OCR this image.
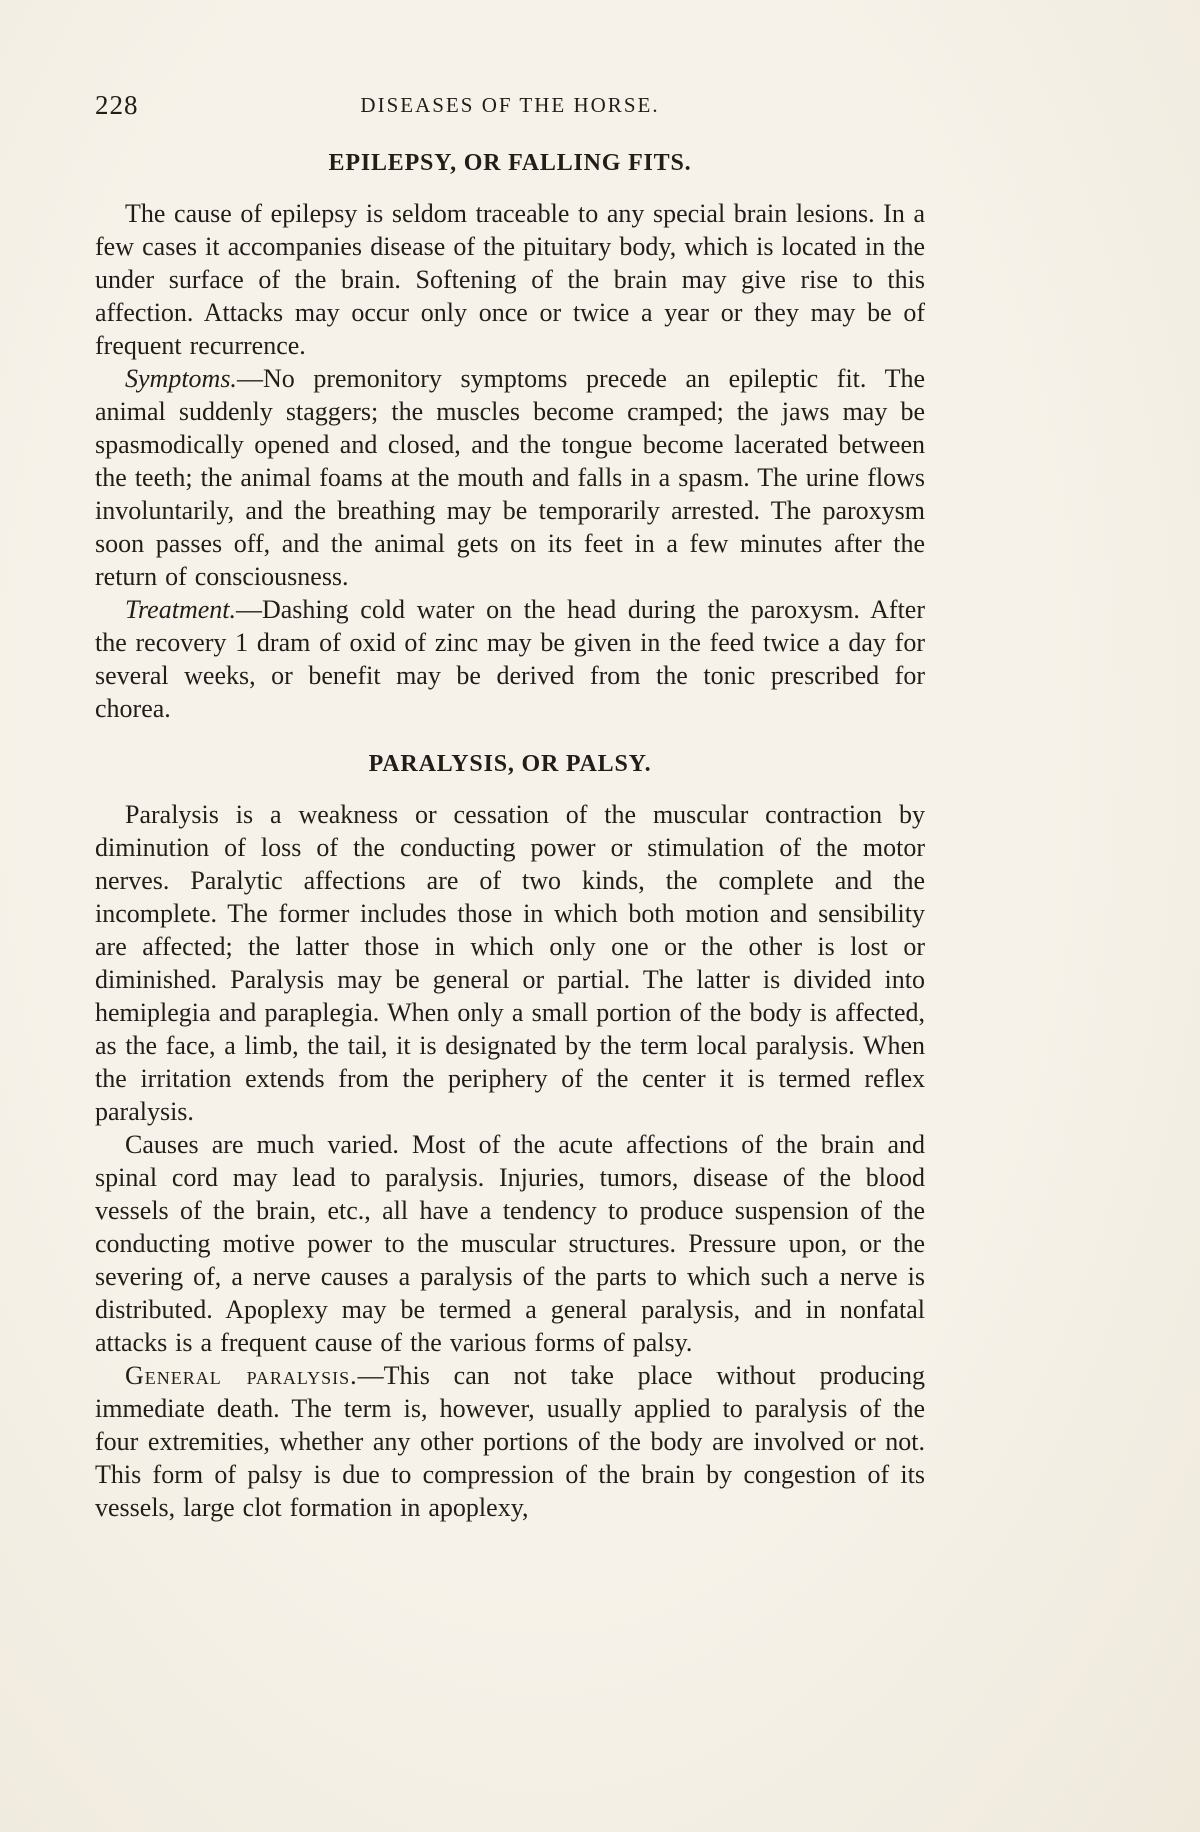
228	DISEASES OF THE HORSE.
EPILEPSY, OR FALLING FITS.

The cause of epilepsy is seldom traceable to any special brain lesions. In a few cases it accompanies disease of the pituitary body, which is located in the under surface of the brain. Softening of the brain may give rise to this affection. Attacks may occur only once or twice a year or they may be of frequent recurrence.

Symptoms.—No premonitory symptoms precede an epileptic fit. The animal suddenly staggers; the muscles become cramped; the jaws may be spasmodically opened and closed, and the tongue become lacerated between the teeth; the animal foams at the mouth and falls in a spasm. The urine flows involuntarily, and the breathing may be temporarily arrested. The paroxysm soon passes off, and the animal gets on its feet in a few minutes after the return of consciousness.

Treatment.—Dashing cold water on the head during the paroxysm. After the recovery 1 dram of oxid of zinc may be given in the feed twice a day for several weeks, or benefit may be derived from the tonic prescribed for chorea.

PARALYSIS, OR PALSY.

Paralysis is a weakness or cessation of the muscular contraction by diminution of loss of the conducting power or stimulation of the motor nerves. Paralytic affections are of two kinds, the complete and the incomplete. The former includes those in which both motion and sensibility are affected; the latter those in which only one or the other is lost or diminished. Paralysis may be general or partial. The latter is divided into hemiplegia and paraplegia. When only a small portion of the body is affected, as the face, a limb, the tail, it is designated by the term local paralysis. When the irritation extends from the periphery of the center it is termed reflex paralysis.

Causes are much varied. Most of the acute affections of the brain and spinal cord may lead to paralysis. Injuries, tumors, disease of the blood vessels of the brain, etc., all have a tendency to produce suspension of the conducting motive power to the muscular structures. Pressure upon, or the severing of, a nerve causes a paralysis of the parts to which such a nerve is distributed. Apoplexy may be termed a general paralysis, and in nonfatal attacks is a frequent cause of the various forms of palsy.

General paralysis.—This can not take place without producing immediate death. The term is, however, usually applied to paralysis of the four extremities, whether any other portions of the body are involved or not. This form of palsy is due to compression of the brain by congestion of its vessels, large clot formation in apoplexy,
